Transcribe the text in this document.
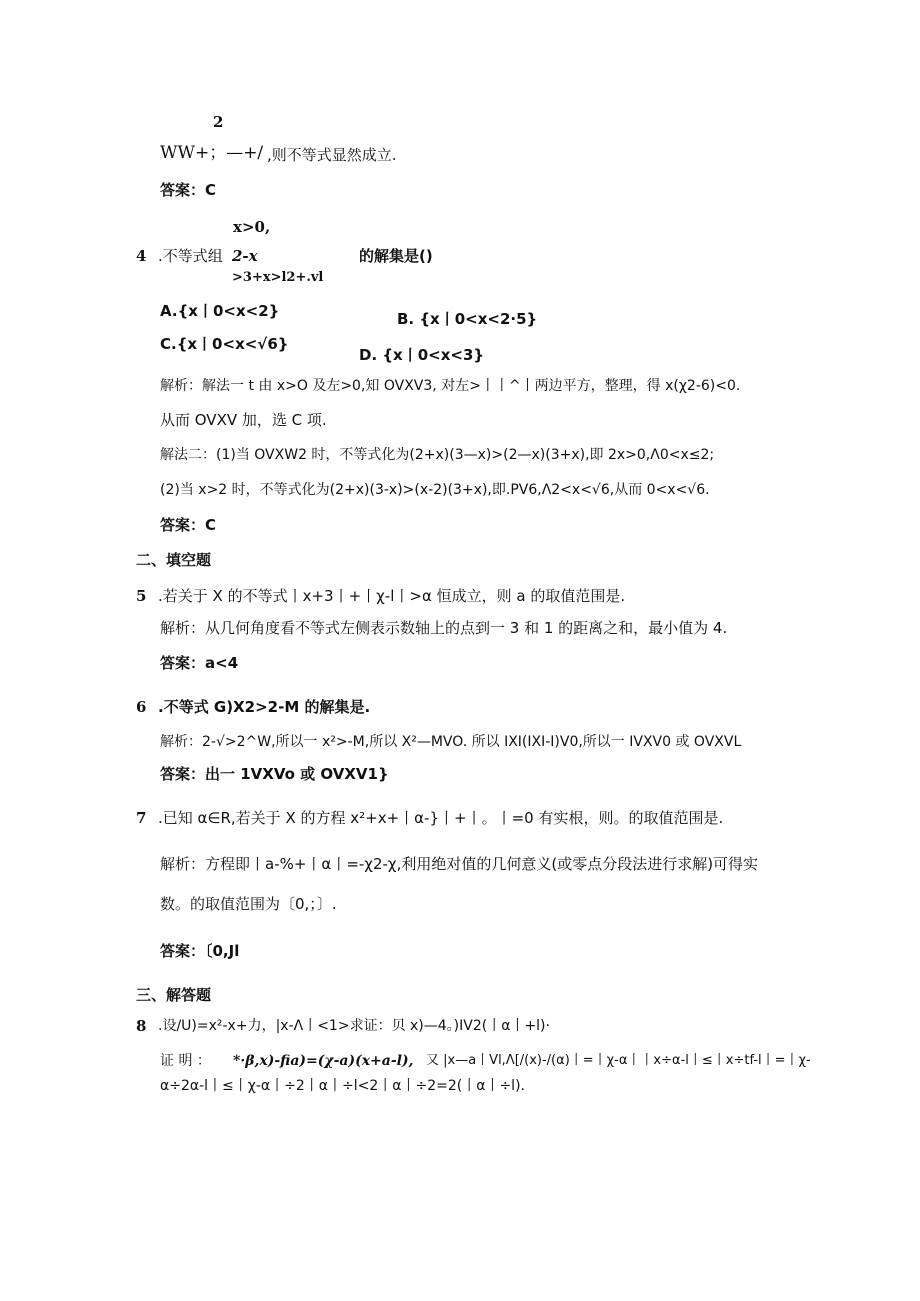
2
WW+；—+/ ,则不等式显然成立.
答案：C
x>0,
4 .不等式组 2-x	的解集是()
>3+x>l2+.vl
A.{x丨0<x<2}	B. {x丨0<x<2·5}
C.{x丨0<x<√6}
D. {x丨0<x<3}
解析：解法一 t 由 x>O 及左>0,知 OVXV3, 对左>丨丨^丨两边平方，整理，得 x(χ2-6)<0.
从而 OVXV 加，选 C 项.
解法二：(1)当 OVXW2 时，不等式化为(2+x)(3—x)>(2—x)(3+x),即 2x>0,Λ0<x≤2;
(2)当 x>2 时，不等式化为(2+x)(3-x)>(x-2)(3+x),即.PV6,Λ2<x<√6,从而 0<x<√6.
答案：C
二、填空题
5 .若关于 X 的不等式丨x+3丨+丨χ-l丨>α 恒成立，则 a 的取值范围是.
解析：从几何角度看不等式左侧表示数轴上的点到一 3 和 1 的距离之和，最小值为 4.
答案：a<4
6 .不等式 G)X2>2-M 的解集是.
解析：2-√>2^W,所以一 x²>-M,所以 X²—MVO. 所以 IXI(IXI-I)V0,所以一 IVXV0 或 OVXVL
答案：出一 1VXVo 或 OVXV1}
7 .已知 α∈R,若关于 X 的方程 x²+x+丨α-}丨+丨。丨=0 有实根，则。的取值范围是.
解析：方程即丨a-%+丨α丨=-χ2-χ,利用绝对值的几何意义(或零点分段法进行求解)可得实
数。的取值范围为〔0,；〕.
答案：〔0,Jl
三、解答题
8 .设/U)=x²-x+力，|x-Λ丨<1>求证：贝 x)—4。)IV2(丨α丨+l)·
证 明 ： *·β,x)-fia)=(χ-a)(x+a-l), 又 |x—a丨Vl,Λ[/(x)-/(α)丨=丨χ-α丨丨x÷α-l丨≤丨x÷tf-l丨=丨χ-
α÷2α-l丨≤丨χ-α丨÷2丨α丨÷l<2丨α丨÷2=2(丨α丨÷l).
